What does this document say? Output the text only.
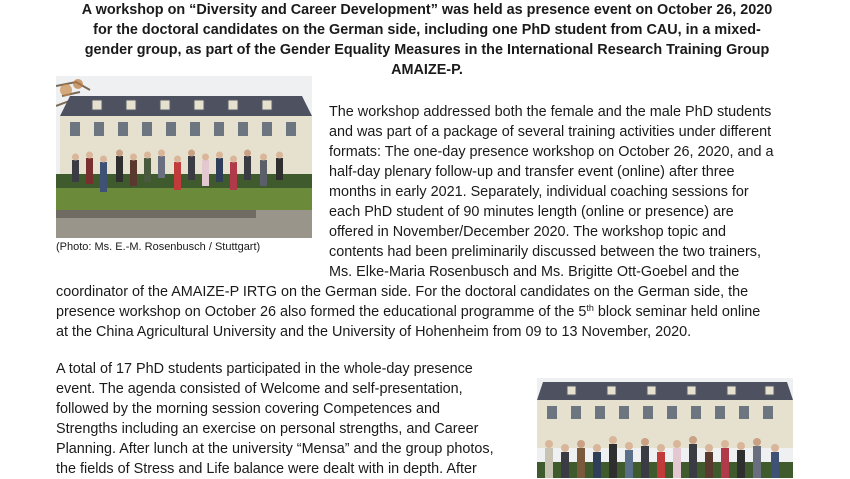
A workshop on “Diversity and Career Development” was held as presence event on October 26, 2020
for the doctoral candidates on the German side, including one PhD student from CAU, in a mixed-
gender group, as part of the Gender Equality Measures in the International Research Training Group
AMAIZE-P.
(Photo: Ms. E.-M. Rosenbusch / Stuttgart)
The workshop addressed both the female and the male PhD students
and was part of a package of several training activities under different
formats: The one-day presence workshop on October 26, 2020, and a
half-day plenary follow-up and transfer event (online) after three
months in early 2021. Separately, individual coaching sessions for
each PhD student of 90 minutes length (online or presence) are
offered in November/December 2020. The workshop topic and
contents had been preliminarily discussed between the two trainers,
Ms. Elke-Maria Rosenbusch and Ms. Brigitte Ott-Goebel and the
coordinator of the AMAIZE-P IRTG on the German side. For the doctoral candidates on the German side, the
presence workshop on October 26 also formed the educational programme of the 5th block seminar held online
at the China Agricultural University and the University of Hohenheim from 09 to 13 November, 2020.
A total of 17 PhD students participated in the whole-day presence
event. The agenda consisted of Welcome and self-presentation,
followed by the morning session covering Competences and
Strengths including an exercise on personal strengths, and Career
Planning. After lunch at the university “Mensa” and the group photos,
the fields of Stress and Life balance were dealt with in depth. After
